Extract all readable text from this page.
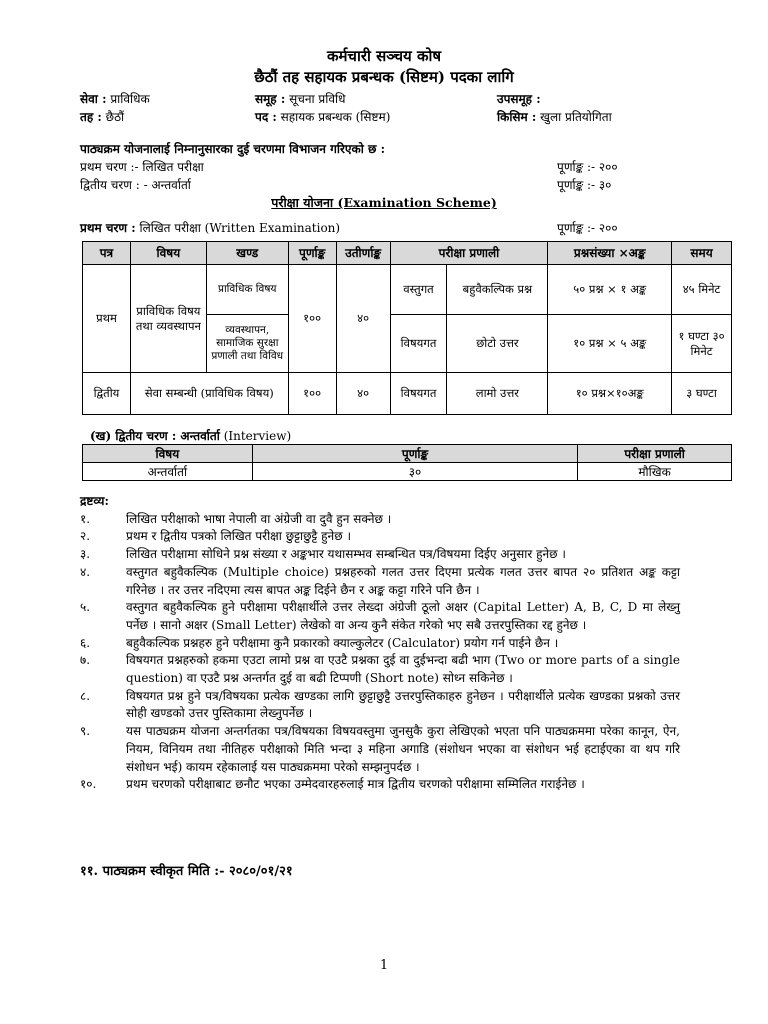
कर्मचारी सञ्चय कोष
छैठौं तह सहायक प्रबन्धक (सिष्टम) पदका लागि
सेवा : प्राविधिक	समूह : सूचना प्रविधि	उपसमूह :
तह : छैठौं	पद : सहायक प्रबन्धक (सिष्टम)	किसिम : खुला प्रतियोगिता
पाठ्यक्रम योजनालाई निम्नानुसारका दुई चरणमा विभाजन गरिएको छ :
प्रथम चरण :- लिखित परीक्षा	पूर्णाङ्क :- २००
द्वितीय चरण : - अन्तर्वार्ता	पूर्णाङ्क :- ३०
परीक्षा योजना (Examination Scheme)
प्रथम चरण : लिखित परीक्षा (Written Examination)	पूर्णाङ्क :- २००
पत्र	विषय	खण्ड	पूर्णाङ्क	उतीर्णाङ्क	परीक्षा प्रणाली		प्रश्नसंख्या ×अङ्क	समय
प्रथम	प्राविधिक विषय तथा व्यवस्थापन	प्राविधिक विषय	१००	४०	वस्तुगत	बहुवैकल्पिक प्रश्न	५० प्रश्न × १ अङ्क	४५ मिनेट
		व्यवस्थापन, सामाजिक सुरक्षा प्रणाली तथा विविध			विषयगत	छोटो उत्तर	१० प्रश्न × ५ अङ्क	१ घण्टा ३० मिनेट
द्वितीय	सेवा सम्बन्धी (प्राविधिक विषय)		१००	४०	विषयगत	लामो उत्तर	१० प्रश्न×१०अङ्क	३ घण्टा
(ख) द्वितीय चरण : अन्तर्वार्ता (Interview)
विषय	पूर्णाङ्क	परीक्षा प्रणाली
अन्तर्वार्ता	३०	मौखिक
द्रष्टव्य:
१.	लिखित परीक्षाको भाषा नेपाली वा अंग्रेजी वा दुवै हुन सक्नेछ ।
२.	प्रथम र द्वितीय पत्रको लिखित परीक्षा छुट्टाछुट्टै हुनेछ ।
३.	लिखित परीक्षामा सोधिने प्रश्न संख्या र अङ्कभार यथासम्भव सम्बन्धित पत्र/विषयमा दिईए अनुसार हुनेछ ।
४.	वस्तुगत बहुवैकल्पिक (Multiple choice) प्रश्नहरुको गलत उत्तर दिएमा प्रत्येक गलत उत्तर बापत २० प्रतिशत अङ्क कट्टा गरिनेछ । तर उत्तर नदिएमा त्यस बापत अङ्क दिईने छैन र अङ्क कट्टा गरिने पनि छैन ।
५.	वस्तुगत बहुवैकल्पिक हुने परीक्षामा परीक्षार्थीले उत्तर लेख्दा अंग्रेजी ठूलो अक्षर (Capital Letter) A, B, C, D मा लेख्नु पर्नेछ । सानो अक्षर (Small Letter) लेखेको वा अन्य कुनै संकेत गरेको भए सबै उत्तरपुस्तिका रद्द हुनेछ ।
६.	बहुवैकल्पिक प्रश्नहरु हुने परीक्षामा कुनै प्रकारको क्याल्कुलेटर (Calculator) प्रयोग गर्न पाईने छैन ।
७.	विषयगत प्रश्नहरुको हकमा एउटा लामो प्रश्न वा एउटै प्रश्नका दुई वा दुईभन्दा बढी भाग (Two or more parts of a single question) वा एउटै प्रश्न अन्तर्गत दुई वा बढी टिप्पणी (Short note) सोध्न सकिनेछ ।
८.	विषयगत प्रश्न हुने पत्र/विषयका प्रत्येक खण्डका लागि छुट्टाछुट्टै उत्तरपुस्तिकाहरु हुनेछन । परीक्षार्थीले प्रत्येक खण्डका प्रश्नको उत्तर सोही खण्डको उत्तर पुस्तिकामा लेख्नुपर्नेछ ।
९.	यस पाठ्यक्रम योजना अन्तर्गतका पत्र/विषयका विषयवस्तुमा जुनसुकै कुरा लेखिएको भएता पनि पाठ्यक्रममा परेका कानून, ऐन, नियम, विनियम तथा नीतिहरु परीक्षाको मिति भन्दा ३ महिना अगाडि (संशोधन भएका वा संशोधन भई हटाईएका वा थप गरि संशोधन भई) कायम रहेकालाई यस पाठ्यक्रममा परेको सम्झनुपर्दछ ।
१०.	प्रथम चरणको परीक्षाबाट छनौट भएका उम्मेदवारहरुलाई मात्र द्वितीय चरणको परीक्षामा सम्मिलित गराईनेछ ।
११. पाठ्यक्रम स्वीकृत मिति :- २०८०/०१/२१
1
